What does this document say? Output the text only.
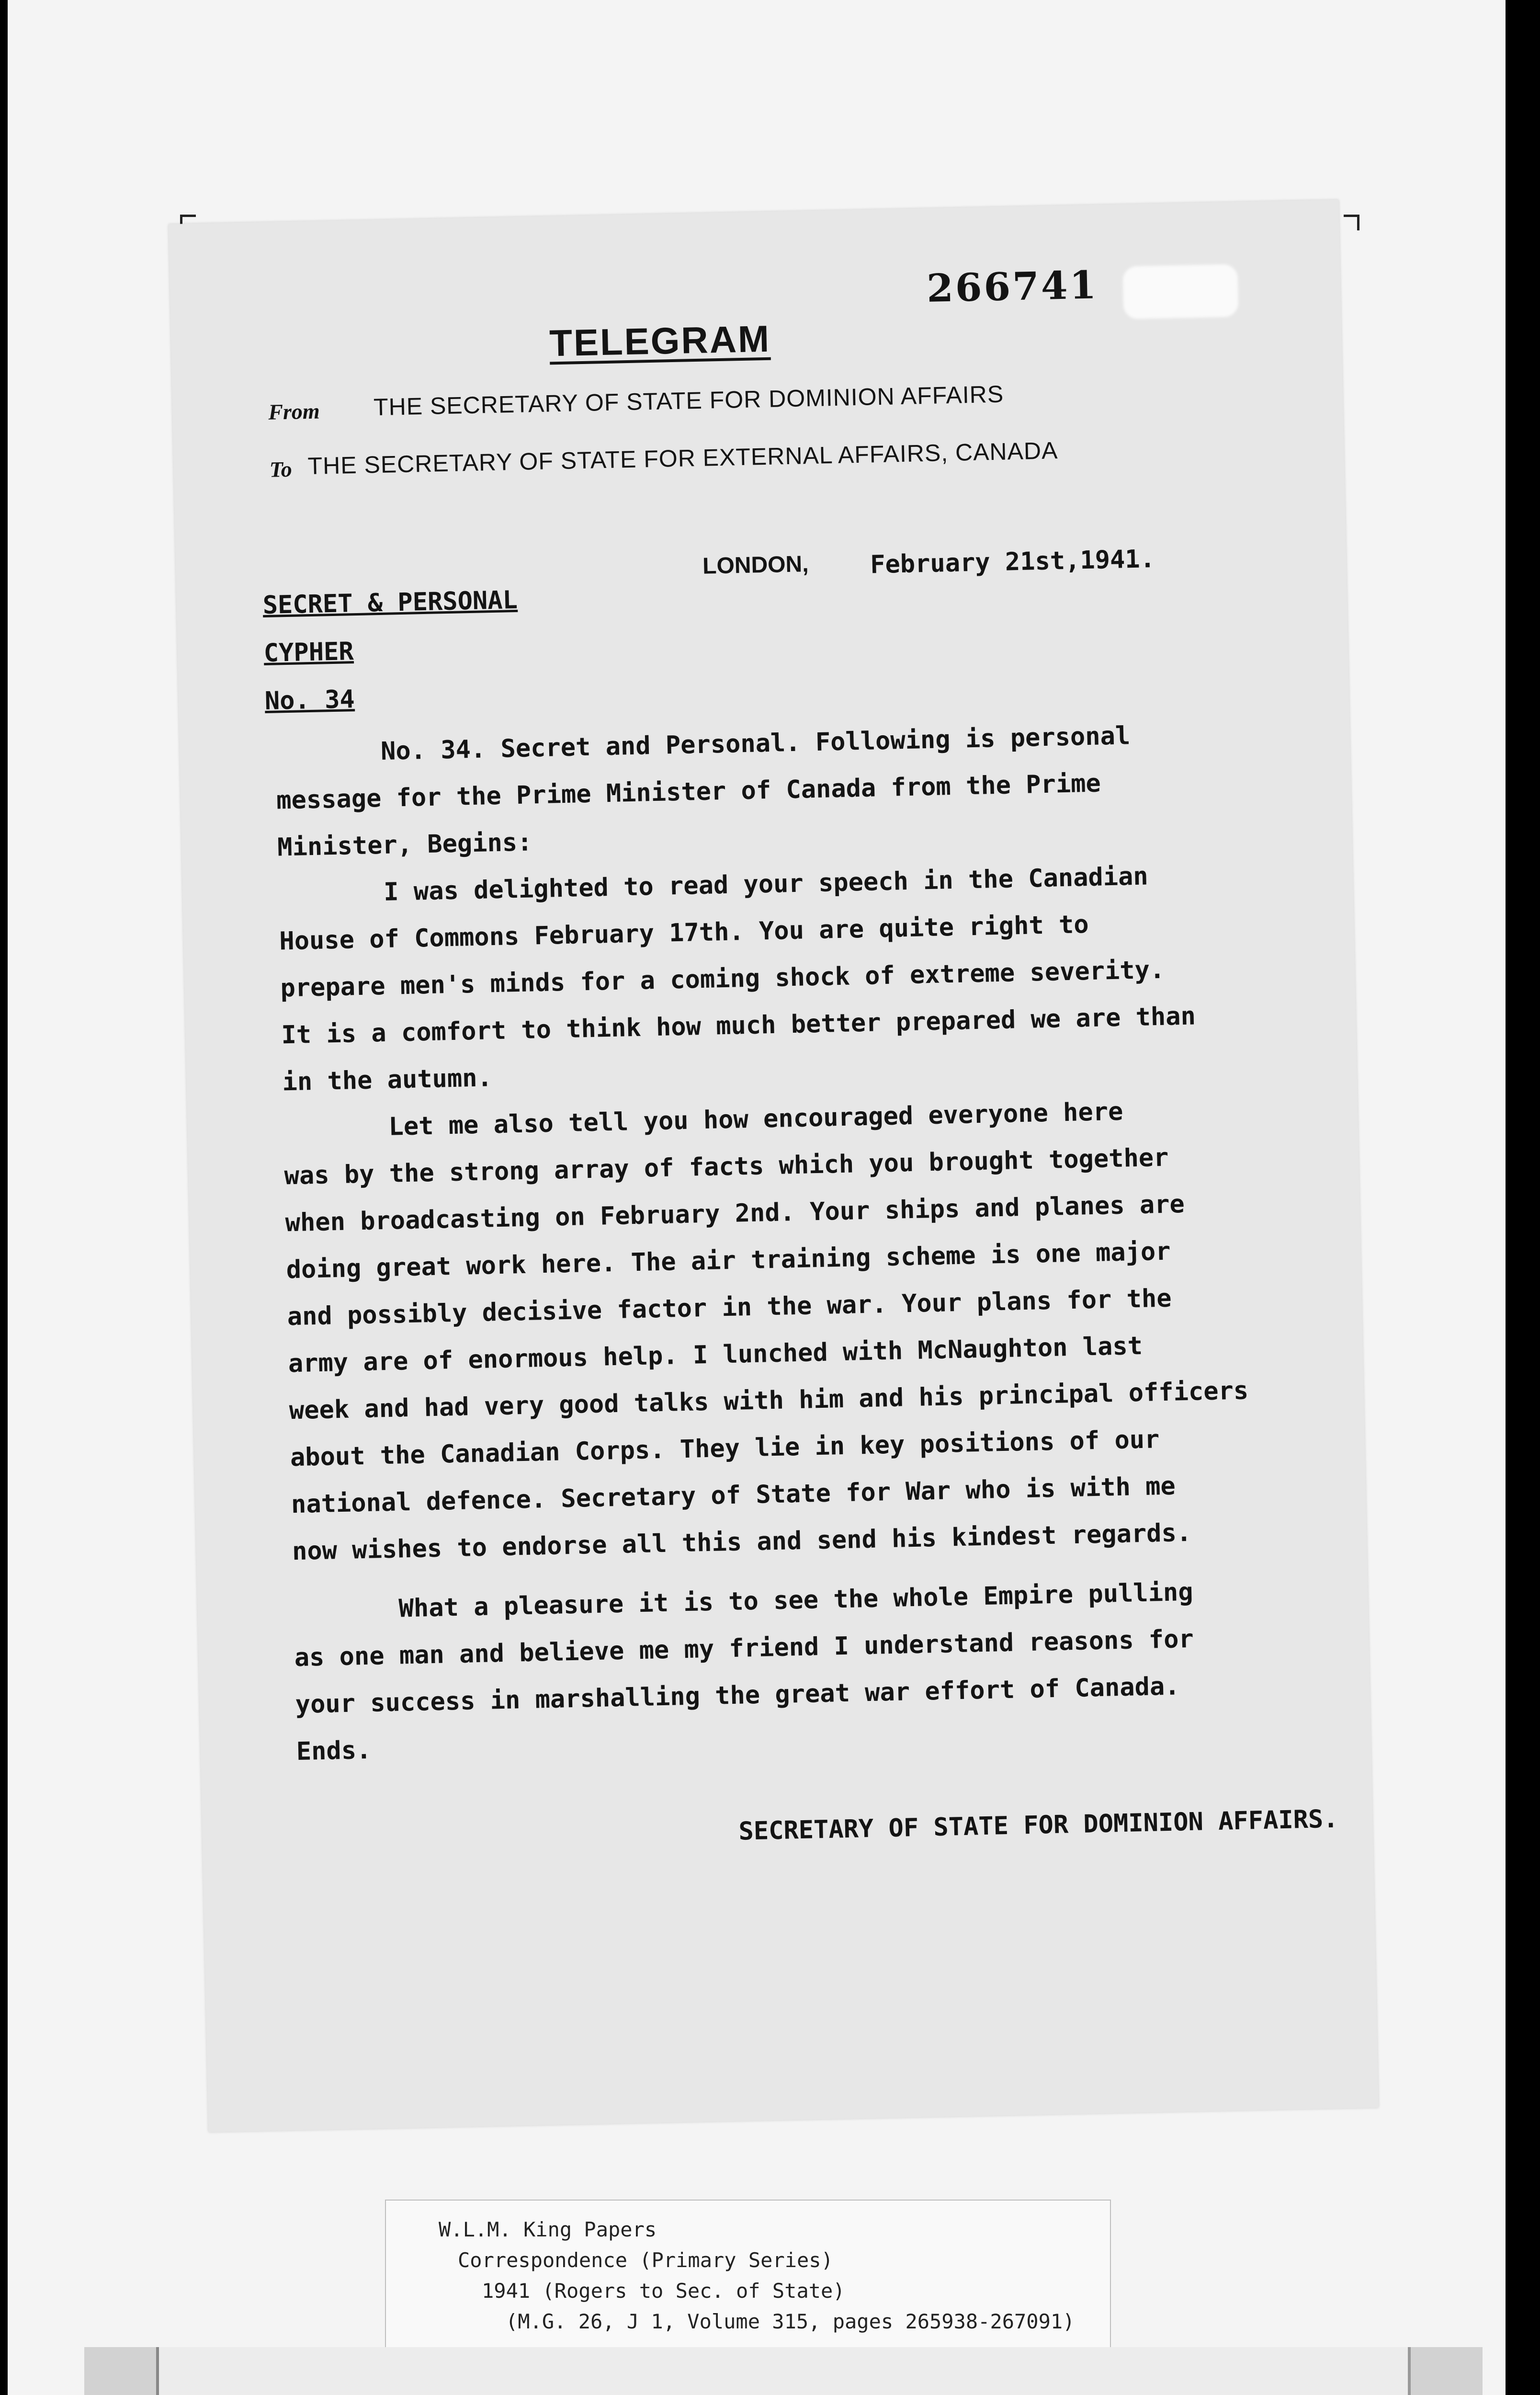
266741
TELEGRAM
From THE SECRETARY OF STATE FOR DOMINION AFFAIRS
To THE SECRETARY OF STATE FOR EXTERNAL AFFAIRS, CANADA
LONDON, February 21st,1941.
SECRET & PERSONAL
CYPHER
No. 34
No. 34. Secret and Personal. Following is personal
message for the Prime Minister of Canada from the Prime
Minister, Begins:
I was delighted to read your speech in the Canadian
House of Commons February 17th. You are quite right to
prepare men's minds for a coming shock of extreme severity.
It is a comfort to think how much better prepared we are than
in the autumn.
Let me also tell you how encouraged everyone here
was by the strong array of facts which you brought together
when broadcasting on February 2nd. Your ships and planes are
doing great work here. The air training scheme is one major
and possibly decisive factor in the war. Your plans for the
army are of enormous help. I lunched with McNaughton last
week and had very good talks with him and his principal officers
about the Canadian Corps. They lie in key positions of our
national defence. Secretary of State for War who is with me
now wishes to endorse all this and send his kindest regards.
What a pleasure it is to see the whole Empire pulling
as one man and believe me my friend I understand reasons for
your success in marshalling the great war effort of Canada.
Ends.
SECRETARY OF STATE FOR DOMINION AFFAIRS.
W.L.M. King Papers
Correspondence (Primary Series)
1941 (Rogers to Sec. of State)
(M.G. 26, J 1, Volume 315, pages 265938-267091)
